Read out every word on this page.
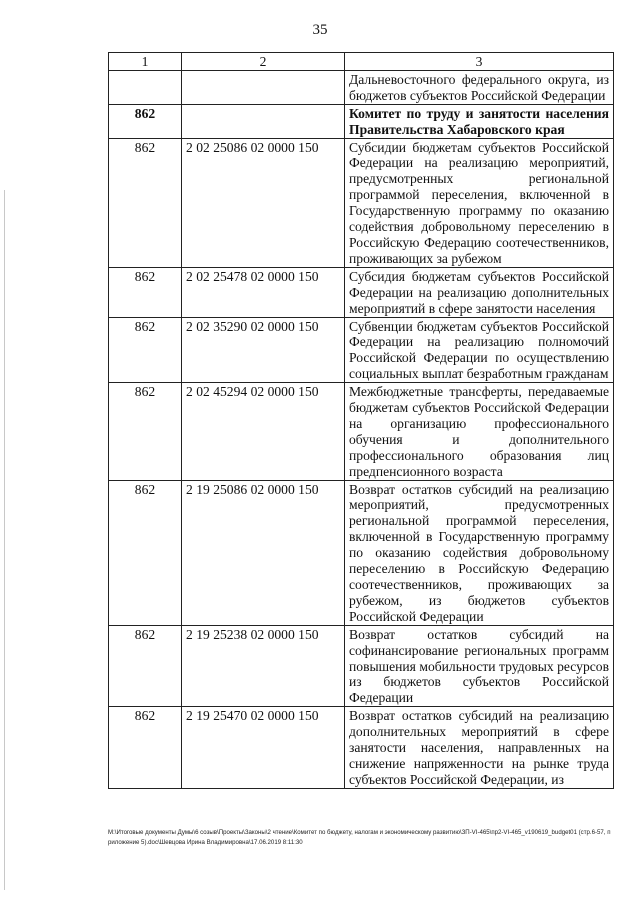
35
1	2	3
		Дальневосточного федерального округа, из бюджетов субъектов Российской Федерации
862		Комитет по труду и занятости населения Правительства Хабаровского края
862	2 02 25086 02 0000 150	Субсидии бюджетам субъектов Российской Федерации на реализацию мероприятий, предусмотренных региональной программой переселения, включенной в Государственную программу по оказанию содействия добровольному переселению в Российскую Федерацию соотечественников, проживающих за рубежом
862	2 02 25478 02 0000 150	Субсидия бюджетам субъектов Российской Федерации на реализацию дополнительных мероприятий в сфере занятости населения
862	2 02 35290 02 0000 150	Субвенции бюджетам субъектов Российской Федерации на реализацию полномочий Российской Федерации по осуществлению социальных выплат безработным гражданам
862	2 02 45294 02 0000 150	Межбюджетные трансферты, передаваемые бюджетам субъектов Российской Федерации на организацию профессионального обучения и дополнительного профессионального образования лиц предпенсионного возраста
862	2 19 25086 02 0000 150	Возврат остатков субсидий на реализацию мероприятий, предусмотренных региональной программой переселения, включенной в Государственную программу по оказанию содействия добровольному переселению в Российскую Федерацию соотечественников, проживающих за рубежом, из бюджетов субъектов Российской Федерации
862	2 19 25238 02 0000 150	Возврат остатков субсидий на софинансирование региональных программ повышения мобильности трудовых ресурсов из бюджетов субъектов Российской Федерации
862	2 19 25470 02 0000 150	Возврат остатков субсидий на реализацию дополнительных мероприятий в сфере занятости населения, направленных на снижение напряженности на рынке труда субъектов Российской Федерации, из
M:\Итоговые документы Думы\6 созыв\Проекты\Законы\2 чтение\Комитет по бюджету, налогам и экономическому развитию\ЗП-VI-465\пр2-VI-465_v190619_budget01 (стр.6-57, приложение 5).doc\Шевцова Ирина Владимировна\17.06.2019 8:11:30
